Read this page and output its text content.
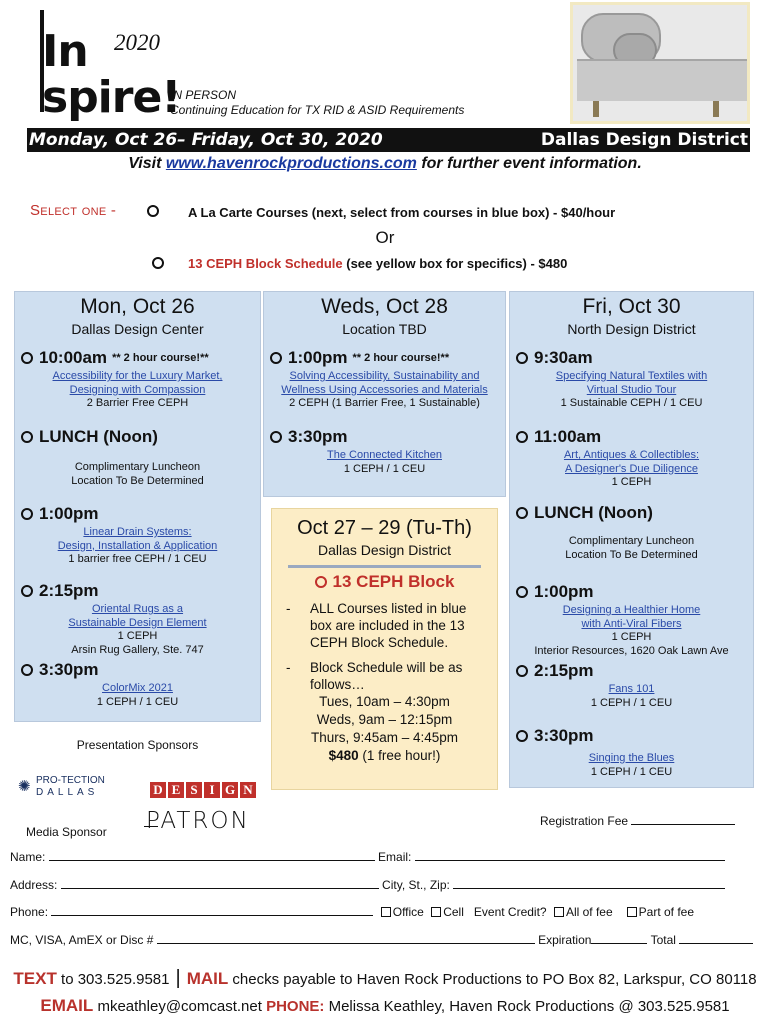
In
spire!
2020
IN PERSON
Continuing Education for TX RID & ASID Requirements
Monday, Oct 26– Friday, Oct 30, 2020	Dallas Design District
Visit www.havenrockproductions.com for further event information.
Select one -	A La Carte Courses (next, select from courses in blue box) - $40/hour
Or
13 CEPH Block Schedule (see yellow box for specifics) - $480
Mon, Oct 26
Dallas Design Center
10:00am ** 2 hour course!**
Accessibility for the Luxury Market,
Designing with Compassion
2 Barrier Free CEPH
LUNCH (Noon)
Complimentary Luncheon
Location To Be Determined
1:00pm
Linear Drain Systems:
Design, Installation & Application
1 barrier free CEPH / 1 CEU
2:15pm
Oriental Rugs as a
Sustainable Design Element
1 CEPH
Arsin Rug Gallery, Ste. 747
3:30pm
ColorMix 2021
1 CEPH / 1 CEU
Weds, Oct 28
Location TBD
1:00pm ** 2 hour course!**
Solving Accessibility, Sustainability and
Wellness Using Accessories and Materials
2 CEPH (1 Barrier Free, 1 Sustainable)
3:30pm
The Connected Kitchen
1 CEPH / 1 CEU
Fri, Oct 30
North Design District
9:30am
Specifying Natural Textiles with
Virtual Studio Tour
1 Sustainable CEPH / 1 CEU
11:00am
Art, Antiques & Collectibles:
A Designer's Due Diligence
1 CEPH
LUNCH (Noon)
Complimentary Luncheon
Location To Be Determined
1:00pm
Designing a Healthier Home
with Anti-Viral Fibers
1 CEPH
Interior Resources, 1620 Oak Lawn Ave
2:15pm
Fans 101
1 CEPH / 1 CEU
3:30pm
Singing the Blues
1 CEPH / 1 CEU
Oct 27 – 29 (Tu-Th)
Dallas Design District
13 CEPH Block
-	ALL Courses listed in blue box are included in the 13 CEPH Block Schedule.
-	Block Schedule will be as follows…
Tues, 10am – 4:30pm
Weds, 9am – 12:15pm
Thurs, 9:45am – 4:45pm
$480 (1 free hour!)
Presentation Sponsors
✺ PRO-TECTION
DALLAS	D E S I G N
Media Sponsor PATRON	Registration Fee
Name:	Email:
Address:	City, St., Zip:
Phone:	Office Cell Event Credit? All of fee Part of fee
MC, VISA, AmEX or Disc #	Expiration	Total
TEXT to 303.525.9581 | MAIL checks payable to Haven Rock Productions to PO Box 82, Larkspur, CO 80118
EMAIL mkeathley@comcast.net PHONE: Melissa Keathley, Haven Rock Productions @ 303.525.9581
